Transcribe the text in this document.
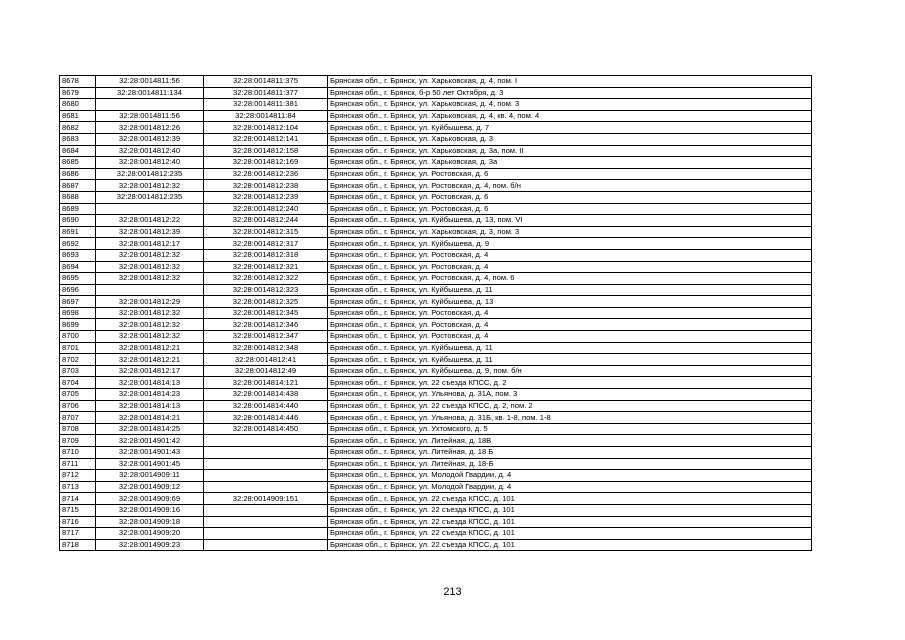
8678	32:28:0014811:56	32:28:0014811:375	Брянская обл., г. Брянск, ул. Харьковская, д. 4, пом. I
8679	32:28:0014811:134	32:28:0014811:377	Брянская обл., г. Брянск, б-р 50 лет Октября, д. 3
8680		32:28:0014811:381	Брянская обл., г. Брянск, ул. Харьковская, д. 4, пом. 3
8681	32:28:0014811:56	32:28:0014811:84	Брянская обл., г. Брянск, ул. Харьковская, д. 4, кв. 4, пом. 4
8682	32:28:0014812:26	32:28:0014812:104	Брянская обл., г. Брянск, ул. Куйбышева, д. 7
8683	32:28:0014812:39	32:28:0014812:141	Брянская обл., г. Брянск, ул. Харьковская, д. 3
8684	32:28:0014812:40	32:28:0014812:158	Брянская обл., г. Брянск, ул. Харьковская, д. 3а, пом. II
8685	32:28:0014812:40	32:28:0014812:169	Брянская обл., г. Брянск, ул. Харьковская, д. 3а
8686	32:28:0014812:235	32:28:0014812:236	Брянская обл., г. Брянск, ул. Ростовская, д. 6
8687	32:28:0014812:32	32:28:0014812:238	Брянская обл., г. Брянск, ул. Ростовская, д. 4, пом. б/н
8688	32:28:0014812:235	32:28:0014812:239	Брянская обл., г. Брянск, ул. Ростовская, д. 6
8689		32:28:0014812:240	Брянская обл., г. Брянск, ул. Ростовская, д. 6
8690	32:28:0014812:22	32:28:0014812:244	Брянская обл., г. Брянск, ул. Куйбышева, д. 13, пом. VI
8691	32:28:0014812:39	32:28:0014812:315	Брянская обл., г. Брянск, ул. Харьковская, д. 3, пом. 3
8692	32:28:0014812:17	32:28:0014812:317	Брянская обл., г. Брянск, ул. Куйбышева, д. 9
8693	32:28:0014812:32	32:28:0014812:318	Брянская обл., г. Брянск, ул. Ростовская, д. 4
8694	32:28:0014812:32	32:28:0014812:321	Брянская обл., г. Брянск, ул. Ростовская, д. 4
8695	32:28:0014812:32	32:28:0014812:322	Брянская обл., г. Брянск, ул. Ростовская, д. 4, пом. 6
8696		32:28:0014812:323	Брянская обл., г. Брянск, ул. Куйбышева, д. 11
8697	32:28:0014812:29	32:28:0014812:325	Брянская обл., г. Брянск, ул. Куйбышева, д. 13
8698	32:28:0014812:32	32:28:0014812:345	Брянская обл., г. Брянск, ул. Ростовская, д. 4
8699	32:28:0014812:32	32:28:0014812:346	Брянская обл., г. Брянск, ул. Ростовская, д. 4
8700	32:28:0014812:32	32:28:0014812:347	Брянская обл., г. Брянск, ул. Ростовская, д. 4
8701	32:28:0014812:21	32:28:0014812:348	Брянская обл., г. Брянск, ул. Куйбышева, д. 11
8702	32:28:0014812:21	32:28:0014812:41	Брянская обл., г. Брянск, ул. Куйбышева, д. 11
8703	32:28:0014812:17	32:28:0014812:49	Брянская обл., г. Брянск, ул. Куйбышева, д. 9, пом. б/н
8704	32:28:0014814:13	32:28:0014814:121	Брянская обл., г. Брянск, ул. 22 съезда КПСС, д. 2
8705	32:28:0014814:23	32:28:0014814:438	Брянская обл., г. Брянск, ул. Ульянова, д. 31А, пом. 3
8706	32:28:0014814:13	32:28:0014814:440	Брянская обл., г. Брянск, ул. 22 съезда КПСС, д. 2, пом. 2
8707	32:28:0014814:21	32:28:0014814:446	Брянская обл., г. Брянск, ул. Ульянова, д. 31Б, кв. 1-8, пом. 1-8
8708	32:28:0014814:25	32:28:0014814:450	Брянская обл., г. Брянск, ул. Ухтомского, д. 5
8709	32:28:0014901:42		Брянская обл., г. Брянск, ул. Литейная, д. 18В
8710	32:28:0014901:43		Брянская обл., г. Брянск, ул. Литейная, д. 18 Б
8711	32:28:0014901:45		Брянская обл., г. Брянск, ул. Литейная, д. 18-Б
8712	32:28:0014909:11		Брянская обл., г. Брянск, ул. Молодой Гвардии, д. 4
8713	32:28:0014909:12		Брянская обл., г. Брянск, ул. Молодой Гвардии, д. 4
8714	32:28:0014909:69	32:28:0014909:151	Брянская обл., г. Брянск, ул. 22 съезда КПСС, д. 101
8715	32:28:0014909:16		Брянская обл., г. Брянск, ул. 22 съезда КПСС, д. 101
8716	32:28:0014909:18		Брянская обл., г. Брянск, ул. 22 съезда КПСС, д. 101
8717	32:28:0014909:20		Брянская обл., г. Брянск, ул. 22 съезда КПСС, д. 101
8718	32:28:0014909:23		Брянская обл., г. Брянск, ул. 22 съезда КПСС, д. 101
213
